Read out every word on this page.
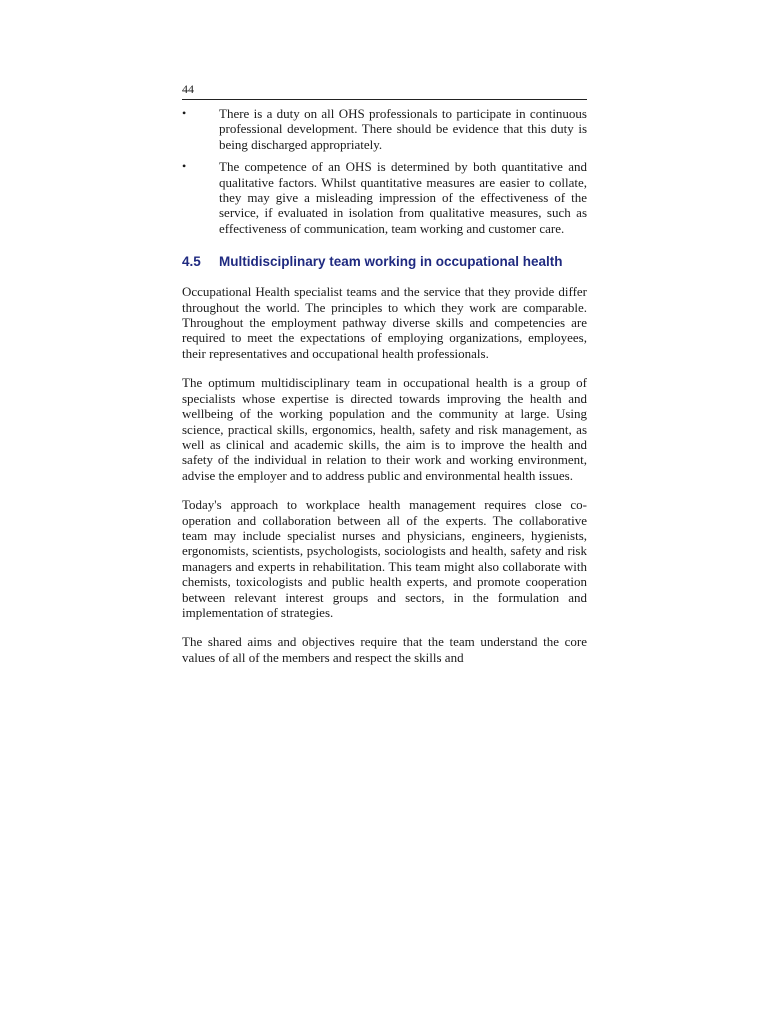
44

•	There is a duty on all OHS professionals to participate in continuous professional development. There should be evidence that this duty is being discharged appropriately.
•	The competence of an OHS is determined by both quantitative and qualitative factors. Whilst quantitative measures are easier to collate, they may give a misleading impression of the effectiveness of the service, if evaluated in isolation from qualitative measures, such as effectiveness of communication, team working and customer care.
4.5 Multidisciplinary team working in occupational health

Occupational Health specialist teams and the service that they provide differ throughout the world. The principles to which they work are comparable. Throughout the employment pathway diverse skills and competencies are required to meet the expectations of employing organizations, employees, their representatives and occupational health professionals.

The optimum multidisciplinary team in occupational health is a group of specialists whose expertise is directed towards improving the health and wellbeing of the working population and the community at large. Using science, practical skills, ergonomics, health, safety and risk management, as well as clinical and academic skills, the aim is to improve the health and safety of the individual in relation to their work and working environment, advise the employer and to address public and environmental health issues.

Today's approach to workplace health management requires close co-operation and collaboration between all of the experts. The collaborative team may include specialist nurses and physicians, engineers, hygienists, ergonomists, scientists, psychologists, sociologists and health, safety and risk managers and experts in rehabilitation. This team might also collaborate with chemists, toxicologists and public health experts, and promote cooperation between relevant interest groups and sectors, in the formulation and implementation of strategies.

The shared aims and objectives require that the team understand the core values of all of the members and respect the skills and
